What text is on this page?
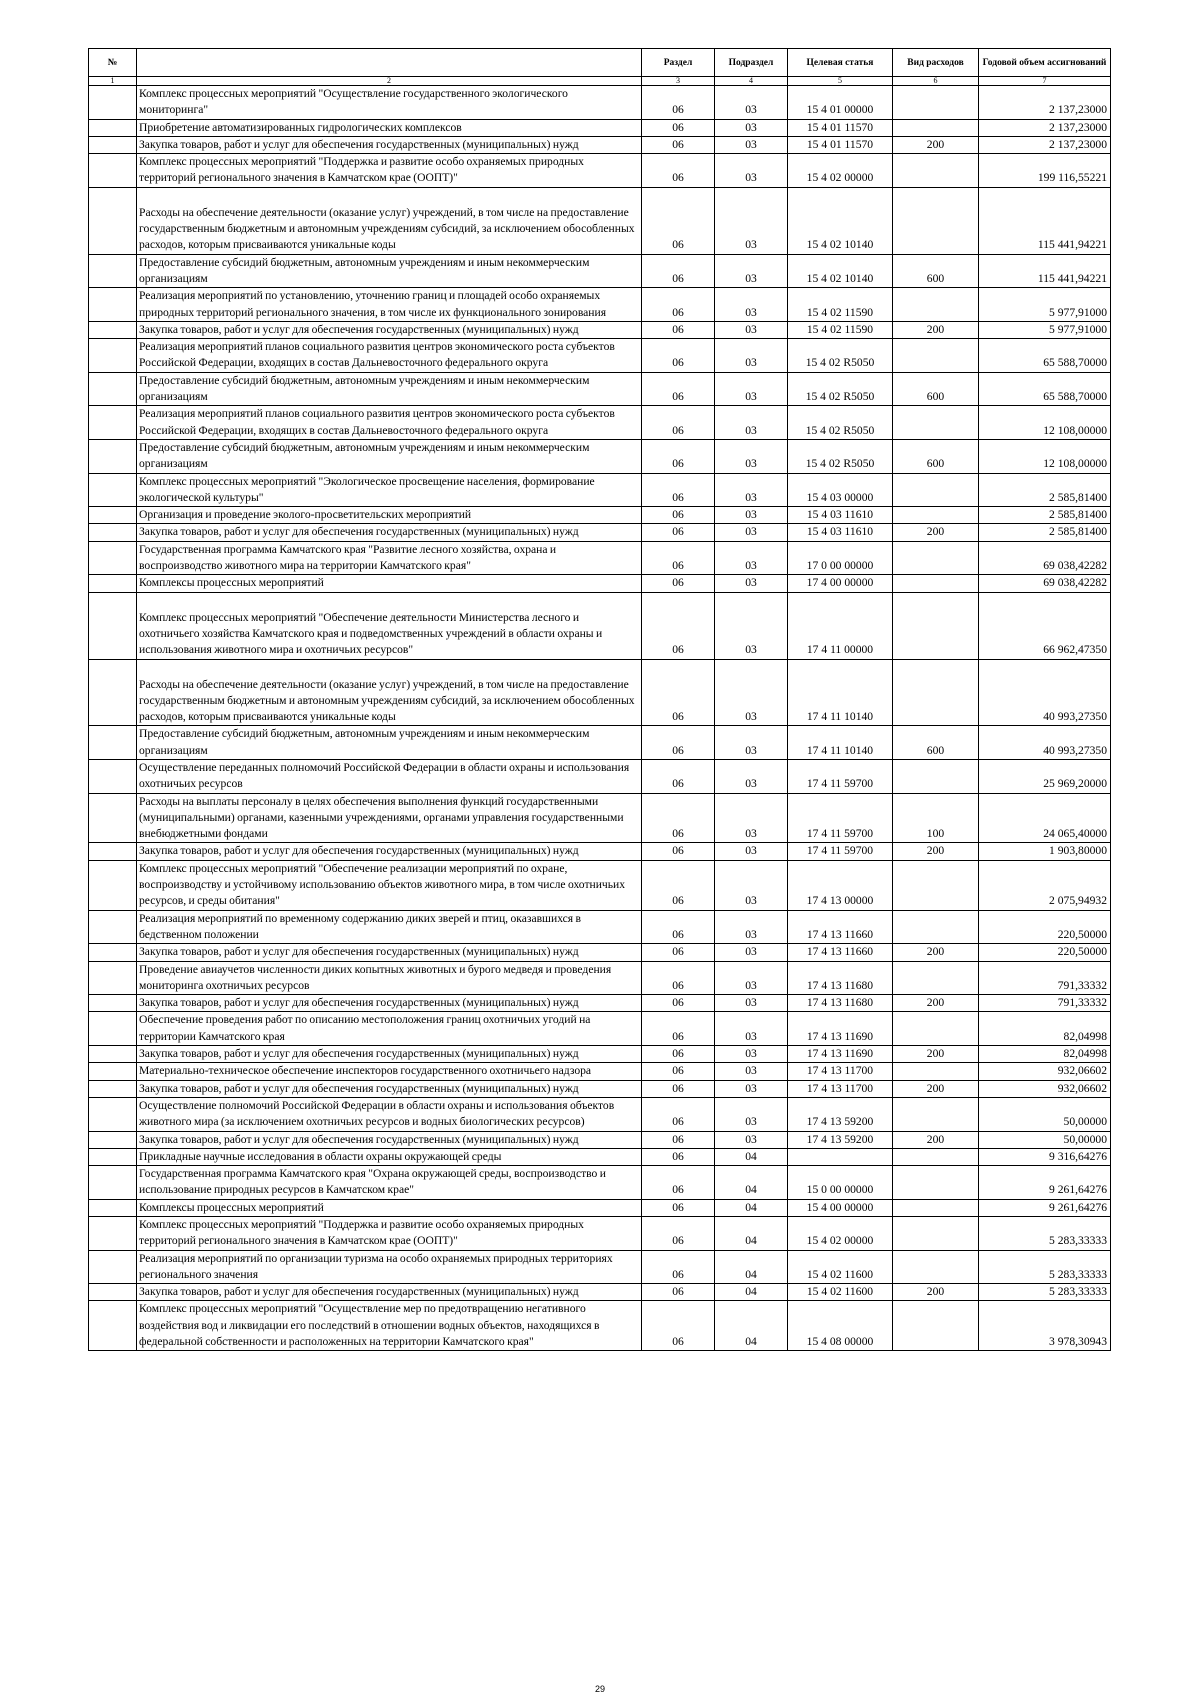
№		Раздел	Подраздел	Целевая статья	Вид расходов	Годовой объем ассигнований
1	2	3	4	5	6	7
	Комплекс процессных мероприятий "Осуществление государственного экологического мониторинга"	06	03	15 4 01 00000		2 137,23000
	Приобретение автоматизированных гидрологических комплексов	06	03	15 4 01 11570		2 137,23000
	Закупка товаров, работ и услуг для обеспечения государственных (муниципальных) нужд	06	03	15 4 01 11570	200	2 137,23000
	Комплекс процессных мероприятий "Поддержка и развитие особо охраняемых природных территорий регионального значения в Камчатском крае (ООПТ)"	06	03	15 4 02 00000		199 116,55221
	Расходы на обеспечение деятельности (оказание услуг) учреждений, в том числе на предоставление государственным бюджетным и автономным учреждениям субсидий, за исключением обособленных расходов, которым присваиваются уникальные коды	06	03	15 4 02 10140		115 441,94221
	Предоставление субсидий бюджетным, автономным учреждениям и иным некоммерческим организациям	06	03	15 4 02 10140	600	115 441,94221
	Реализация мероприятий по установлению, уточнению границ и площадей особо охраняемых природных территорий регионального значения, в том числе их функционального зонирования	06	03	15 4 02 11590		5 977,91000
	Закупка товаров, работ и услуг для обеспечения государственных (муниципальных) нужд	06	03	15 4 02 11590	200	5 977,91000
	Реализация мероприятий планов социального развития центров экономического роста субъектов Российской Федерации, входящих в состав Дальневосточного федерального округа	06	03	15 4 02 R5050		65 588,70000
	Предоставление субсидий бюджетным, автономным учреждениям и иным некоммерческим организациям	06	03	15 4 02 R5050	600	65 588,70000
	Реализация мероприятий планов социального развития центров экономического роста субъектов Российской Федерации, входящих в состав Дальневосточного федерального округа	06	03	15 4 02 R5050		12 108,00000
	Предоставление субсидий бюджетным, автономным учреждениям и иным некоммерческим организациям	06	03	15 4 02 R5050	600	12 108,00000
	Комплекс процессных мероприятий "Экологическое просвещение населения, формирование экологической культуры"	06	03	15 4 03 00000		2 585,81400
	Организация и проведение эколого-просветительских мероприятий	06	03	15 4 03 11610		2 585,81400
	Закупка товаров, работ и услуг для обеспечения государственных (муниципальных) нужд	06	03	15 4 03 11610	200	2 585,81400
	Государственная программа Камчатского края "Развитие лесного хозяйства, охрана и воспроизводство животного мира на территории Камчатского края"	06	03	17 0 00 00000		69 038,42282
	Комплексы процессных мероприятий	06	03	17 4 00 00000		69 038,42282
	Комплекс процессных мероприятий "Обеспечение деятельности Министерства лесного и охотничьего хозяйства Камчатского края и подведомственных учреждений в области охраны и использования животного мира и охотничьих ресурсов"	06	03	17 4 11 00000		66 962,47350
	Расходы на обеспечение деятельности (оказание услуг) учреждений, в том числе на предоставление государственным бюджетным и автономным учреждениям субсидий, за исключением обособленных расходов, которым присваиваются уникальные коды	06	03	17 4 11 10140		40 993,27350
	Предоставление субсидий бюджетным, автономным учреждениям и иным некоммерческим организациям	06	03	17 4 11 10140	600	40 993,27350
	Осуществление переданных полномочий Российской Федерации в области охраны и использования охотничьих ресурсов	06	03	17 4 11 59700		25 969,20000
	Расходы на выплаты персоналу в целях обеспечения выполнения функций государственными (муниципальными) органами, казенными учреждениями, органами управления государственными внебюджетными фондами	06	03	17 4 11 59700	100	24 065,40000
	Закупка товаров, работ и услуг для обеспечения государственных (муниципальных) нужд	06	03	17 4 11 59700	200	1 903,80000
	Комплекс процессных мероприятий "Обеспечение реализации мероприятий по охране, воспроизводству и устойчивому использованию объектов животного мира, в том числе охотничьих ресурсов, и среды обитания"	06	03	17 4 13 00000		2 075,94932
	Реализация мероприятий по временному содержанию диких зверей и птиц, оказавшихся в бедственном положении	06	03	17 4 13 11660		220,50000
	Закупка товаров, работ и услуг для обеспечения государственных (муниципальных) нужд	06	03	17 4 13 11660	200	220,50000
	Проведение авиаучетов численности диких копытных животных и бурого медведя и проведения мониторинга охотничьих ресурсов	06	03	17 4 13 11680		791,33332
	Закупка товаров, работ и услуг для обеспечения государственных (муниципальных) нужд	06	03	17 4 13 11680	200	791,33332
	Обеспечение проведения работ по описанию местоположения границ охотничьих угодий на территории Камчатского края	06	03	17 4 13 11690		82,04998
	Закупка товаров, работ и услуг для обеспечения государственных (муниципальных) нужд	06	03	17 4 13 11690	200	82,04998
	Материально-техническое обеспечение инспекторов государственного охотничьего надзора	06	03	17 4 13 11700		932,06602
	Закупка товаров, работ и услуг для обеспечения государственных (муниципальных) нужд	06	03	17 4 13 11700	200	932,06602
	Осуществление полномочий Российской Федерации в области охраны и использования объектов животного мира (за исключением охотничьих ресурсов и водных биологических ресурсов)	06	03	17 4 13 59200		50,00000
	Закупка товаров, работ и услуг для обеспечения государственных (муниципальных) нужд	06	03	17 4 13 59200	200	50,00000
	Прикладные научные исследования в области охраны окружающей среды	06	04			9 316,64276
	Государственная программа Камчатского края "Охрана окружающей среды, воспроизводство и использование природных ресурсов в Камчатском крае"	06	04	15 0 00 00000		9 261,64276
	Комплексы процессных мероприятий	06	04	15 4 00 00000		9 261,64276
	Комплекс процессных мероприятий "Поддержка и развитие особо охраняемых природных территорий регионального значения в Камчатском крае (ООПТ)"	06	04	15 4 02 00000		5 283,33333
	Реализация мероприятий по организации туризма на особо охраняемых природных территориях регионального значения	06	04	15 4 02 11600		5 283,33333
	Закупка товаров, работ и услуг для обеспечения государственных (муниципальных) нужд	06	04	15 4 02 11600	200	5 283,33333
	Комплекс процессных мероприятий "Осуществление мер по предотвращению негативного воздействия вод и ликвидации его последствий в отношении водных объектов, находящихся в федеральной собственности и расположенных на территории Камчатского края"	06	04	15 4 08 00000		3 978,30943
29
